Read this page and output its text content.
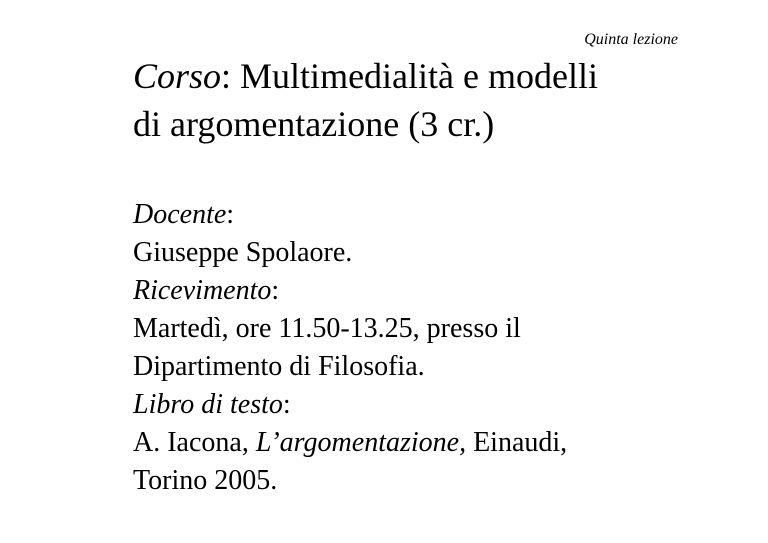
Quinta lezione
Corso: Multimedialità e modelli
di argomentazione (3 cr.)
Docente:
Giuseppe Spolaore.
Ricevimento:
Martedì, ore 11.50-13.25, presso il
Dipartimento di Filosofia.
Libro di testo:
A. Iacona, L’argomentazione, Einaudi,
Torino 2005.
